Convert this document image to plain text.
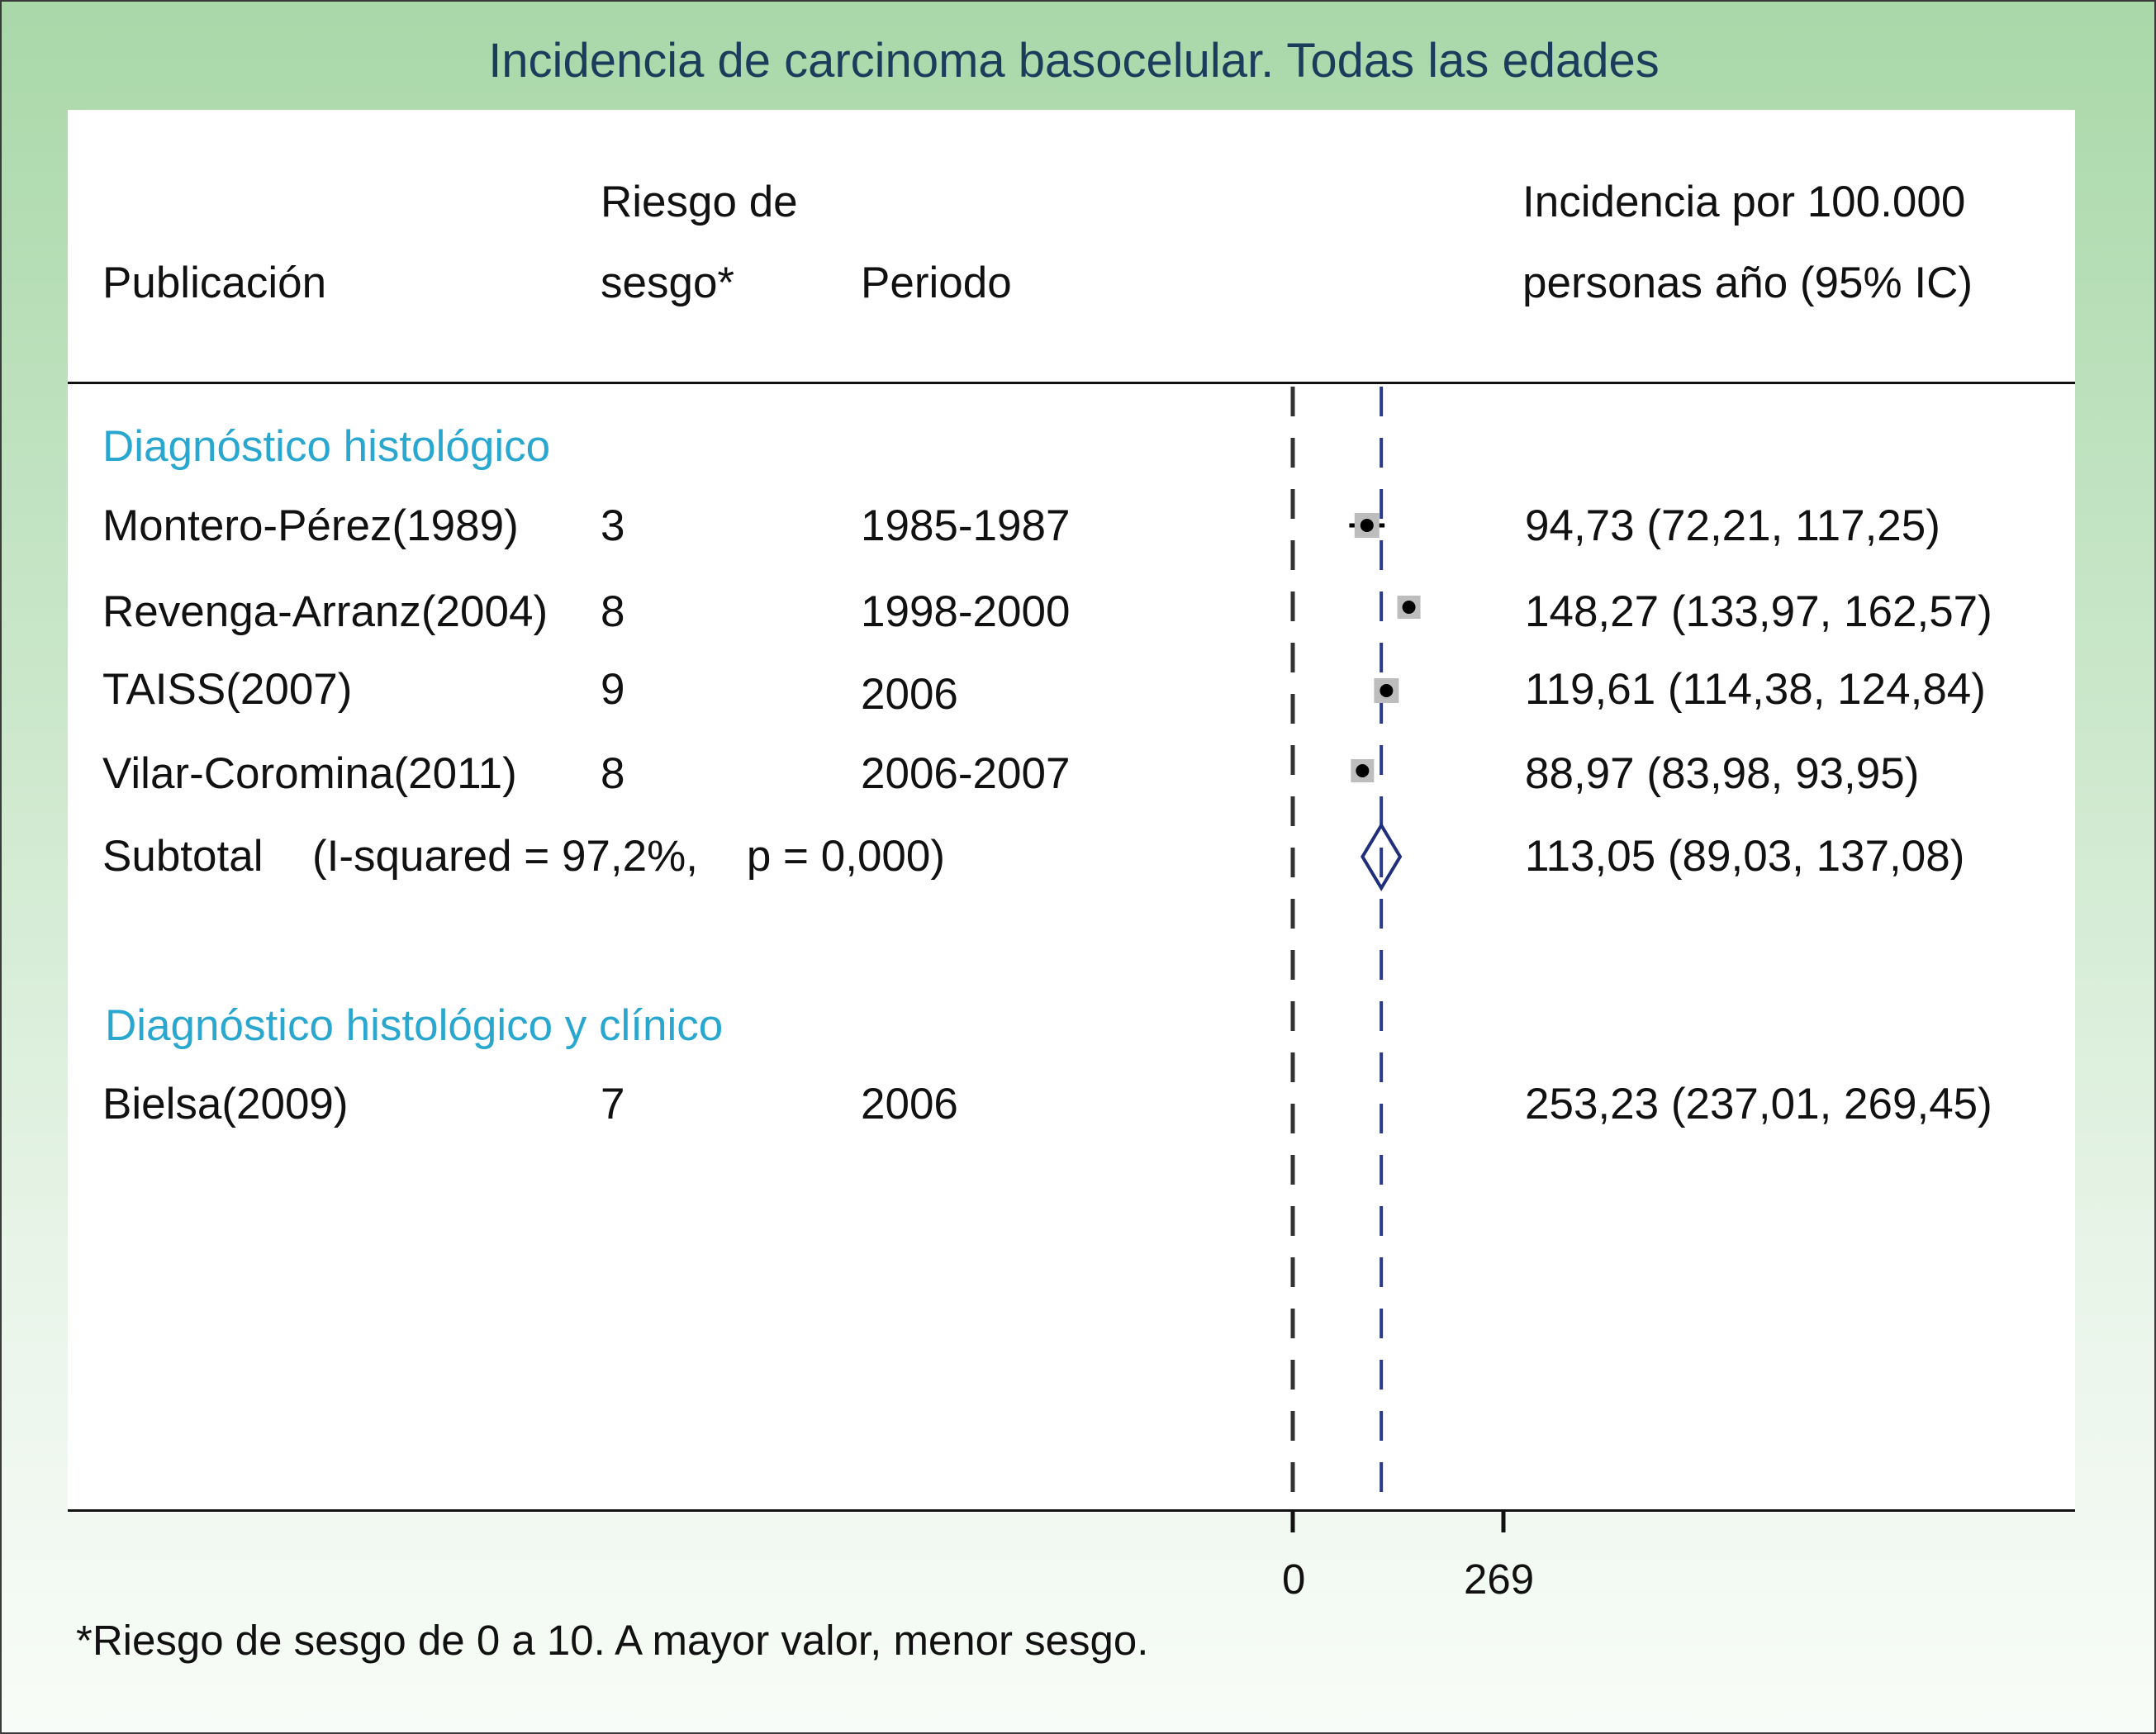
Incidencia de carcinoma basocelular. Todas las edades
Riesgo de
Publicación	sesgo*	Periodo
Incidencia por 100.000
personas año (95% IC)
Diagnóstico histológico
Montero-Pérez(1989) 3	1985-1987	94,73 (72,21, 117,25)
Revenga-Arranz(2004) 8	1998-2000	148,27 (133,97, 162,57)
TAISS(2007)	9	2006	119,61 (114,38, 124,84)
Vilar-Coromina(2011) 8	2006-2007	88,97 (83,98, 93,95)
Subtotal (I-squared = 97,2%,    p = 0,000)	113,05 (89,03, 137,08)
Diagnóstico histológico y clínico
Bielsa(2009)	7	2006	253,23 (237,01, 269,45)
0	269
*Riesgo de sesgo de 0 a 10. A mayor valor, menor sesgo.
